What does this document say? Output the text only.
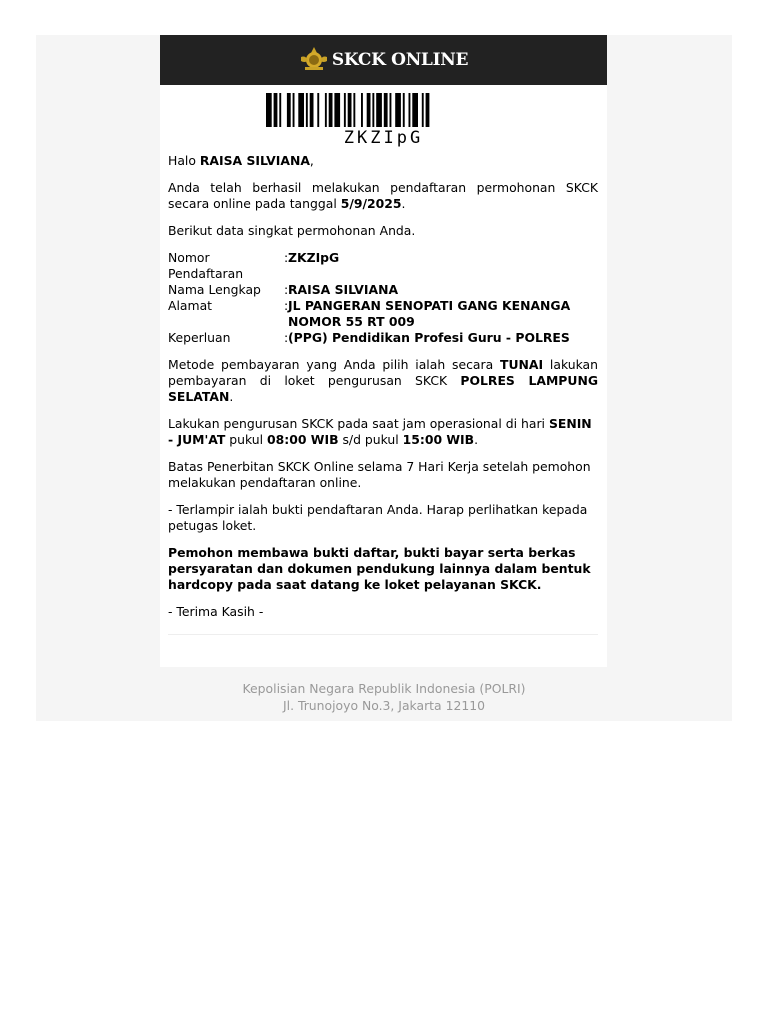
SKCK ONLINE
ZKZIpG

Halo RAISA SILVIANA,

Anda telah berhasil melakukan pendaftaran permohonan SKCK secara online pada tanggal 5/9/2025.

Berikut data singkat permohonan Anda.

Nomor Pendaftaran
: ZKZIpG
Nama Lengkap	: RAISA SILVIANA
Alamat	: JL PANGERAN SENOPATI GANG KENANGA NOMOR 55 RT 009
Keperluan	: (PPG) Pendidikan Profesi Guru - POLRES

Metode pembayaran yang Anda pilih ialah secara TUNAI lakukan pembayaran di loket pengurusan SKCK POLRES LAMPUNG SELATAN.

Lakukan pengurusan SKCK pada saat jam operasional di hari SENIN - JUM'AT pukul 08:00 WIB s/d pukul 15:00 WIB.

Batas Penerbitan SKCK Online selama 7 Hari Kerja setelah pemohon melakukan pendaftaran online.

- Terlampir ialah bukti pendaftaran Anda. Harap perlihatkan kepada petugas loket.

Pemohon membawa bukti daftar, bukti bayar serta berkas persyaratan dan dokumen pendukung lainnya dalam bentuk hardcopy pada saat datang ke loket pelayanan SKCK.

- Terima Kasih -

Kepolisian Negara Republik Indonesia (POLRI)
Jl. Trunojoyo No.3, Jakarta 12110
